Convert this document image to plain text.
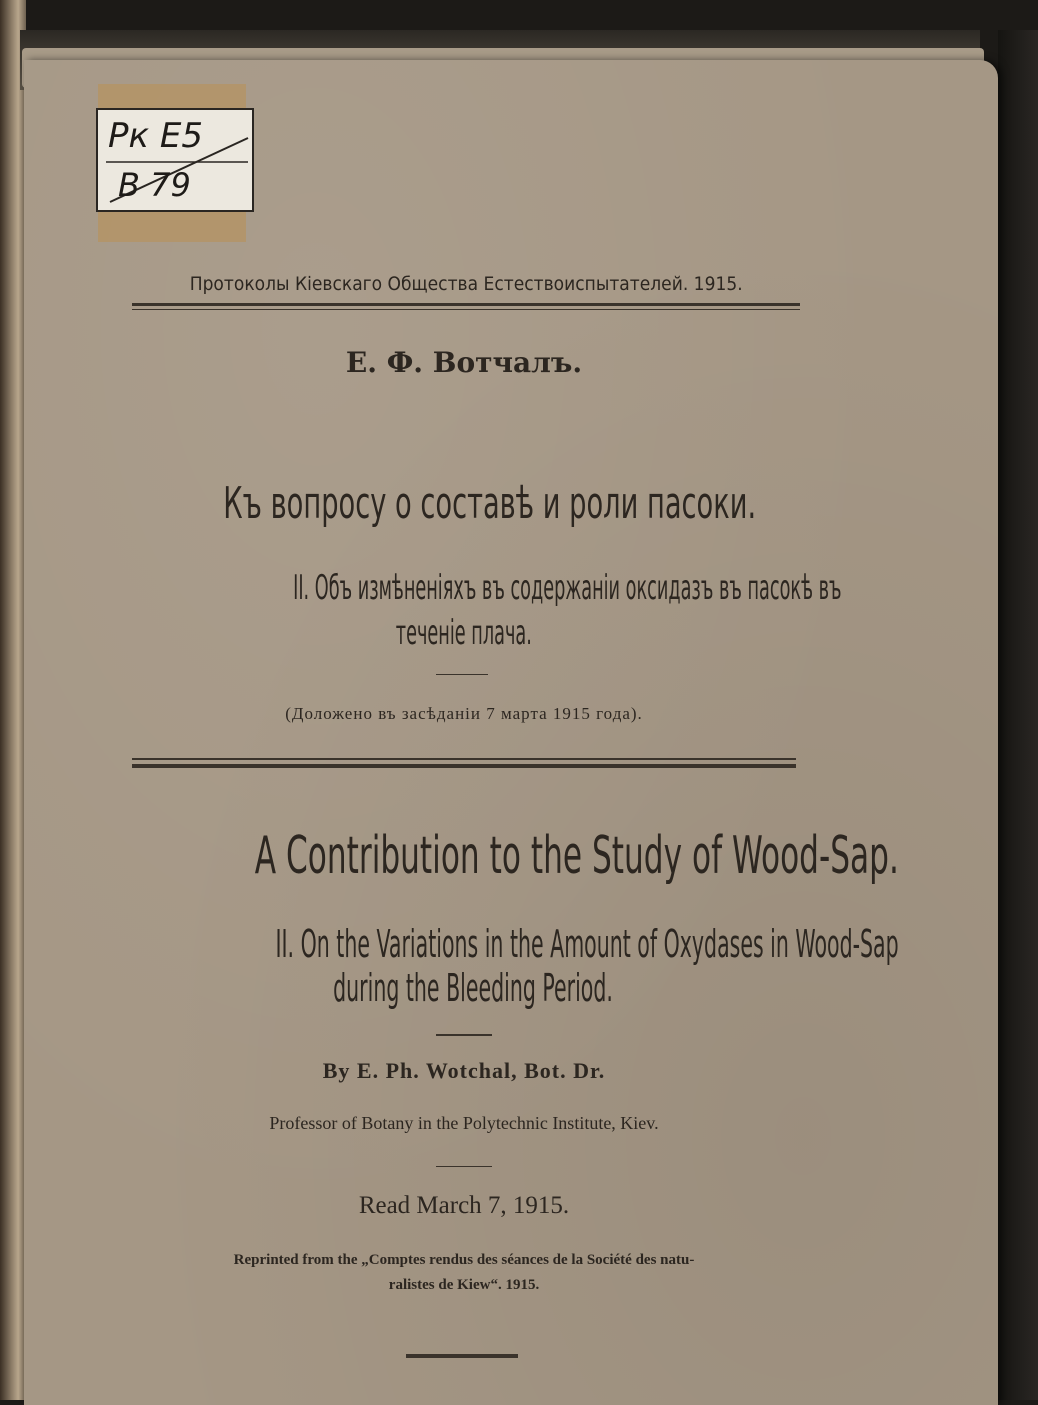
Рк Е5
В 79
Протоколы Кіевскаго Общества Естествоиспытателей. 1915.
Е. Ф. Вотчалъ.
Къ вопросу о составѣ и роли пасоки.
II. Объ измѣненіяхъ въ содержаніи оксидазъ въ пасокѣ въ
теченіе плача.
(Доложено въ засѣданіи 7 марта 1915 года).
A Contribution to the Study of Wood-Sap.
II. On the Variations in the Amount of Oxydases in Wood-Sap
during the Bleeding Period.
By E. Ph. Wotchal, Bot. Dr.
Professor of Botany in the Polytechnic Institute, Kiev.
Read March 7, 1915.
Reprinted from the „Comptes rendus des séances de la Société des natu-
ralistes de Kiew“. 1915.
